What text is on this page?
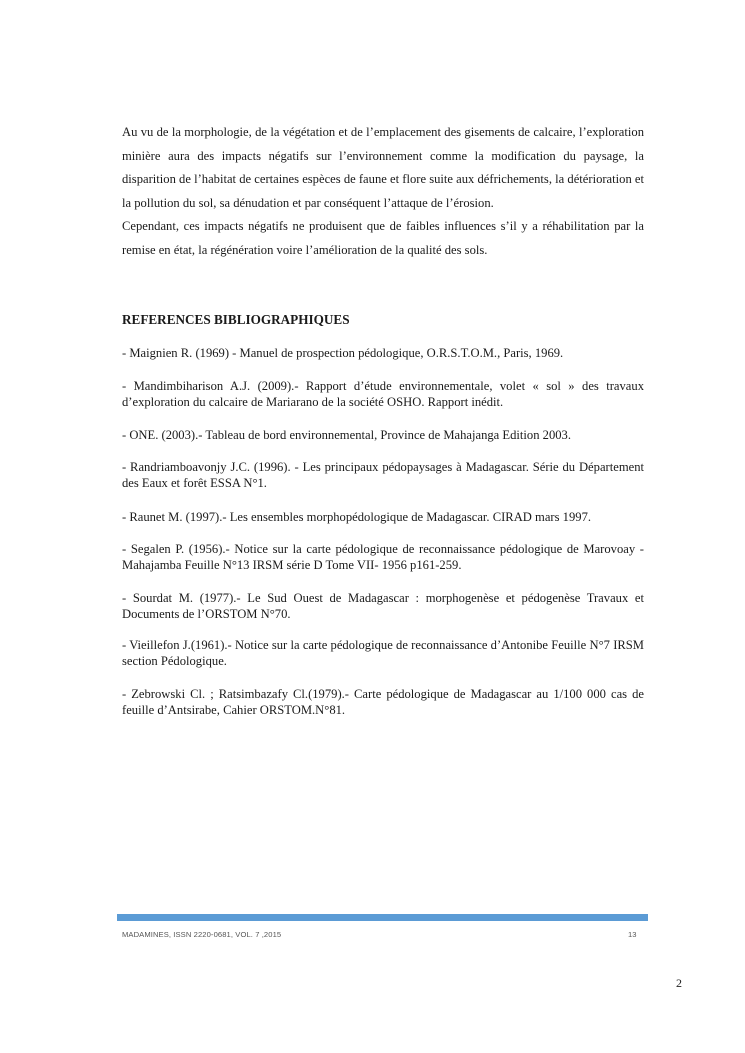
Au vu de la morphologie, de la végétation et de l’emplacement des gisements de calcaire, l’exploration minière aura des impacts négatifs sur l’environnement comme la modification du paysage, la disparition de l’habitat de certaines espèces de faune et flore suite aux défrichements, la détérioration et la pollution du sol, sa dénudation et par conséquent l’attaque de l’érosion.

Cependant, ces impacts négatifs ne produisent que de faibles influences s’il y a réhabilitation par la remise en état, la régénération voire l’amélioration de la qualité des sols.

REFERENCES BIBLIOGRAPHIQUES
- Maignien R. (1969) - Manuel de prospection pédologique, O.R.S.T.O.M., Paris, 1969.
- Mandimbiharison A.J. (2009).- Rapport d’étude environnementale, volet « sol » des travaux d’exploration du calcaire de Mariarano de la société OSHO. Rapport inédit.
- ONE. (2003).- Tableau de bord environnemental, Province de Mahajanga Edition 2003.
- Randriamboavonjy J.C. (1996). - Les principaux pédopaysages à Madagascar. Série du Département des Eaux et forêt ESSA N°1.
- Raunet M. (1997).- Les ensembles morphopédologique de Madagascar. CIRAD mars 1997.
- Segalen P. (1956).- Notice sur la carte pédologique de reconnaissance pédologique de Marovoay - Mahajamba Feuille N°13 IRSM série D Tome VII- 1956 p161-259.
- Sourdat M. (1977).- Le Sud Ouest de Madagascar : morphogenèse et pédogenèse Travaux et Documents de l’ORSTOM N°70.
- Vieillefon J.(1961).- Notice sur la carte pédologique de reconnaissance d’Antonibe Feuille N°7 IRSM section Pédologique.
- Zebrowski Cl. ; Ratsimbazafy Cl.(1979).- Carte pédologique de Madagascar au 1/100 000 cas de feuille d’Antsirabe, Cahier ORSTOM.N°81.
MADAMINES, ISSN 2220-0681, VOL. 7 ,2015	13
2
